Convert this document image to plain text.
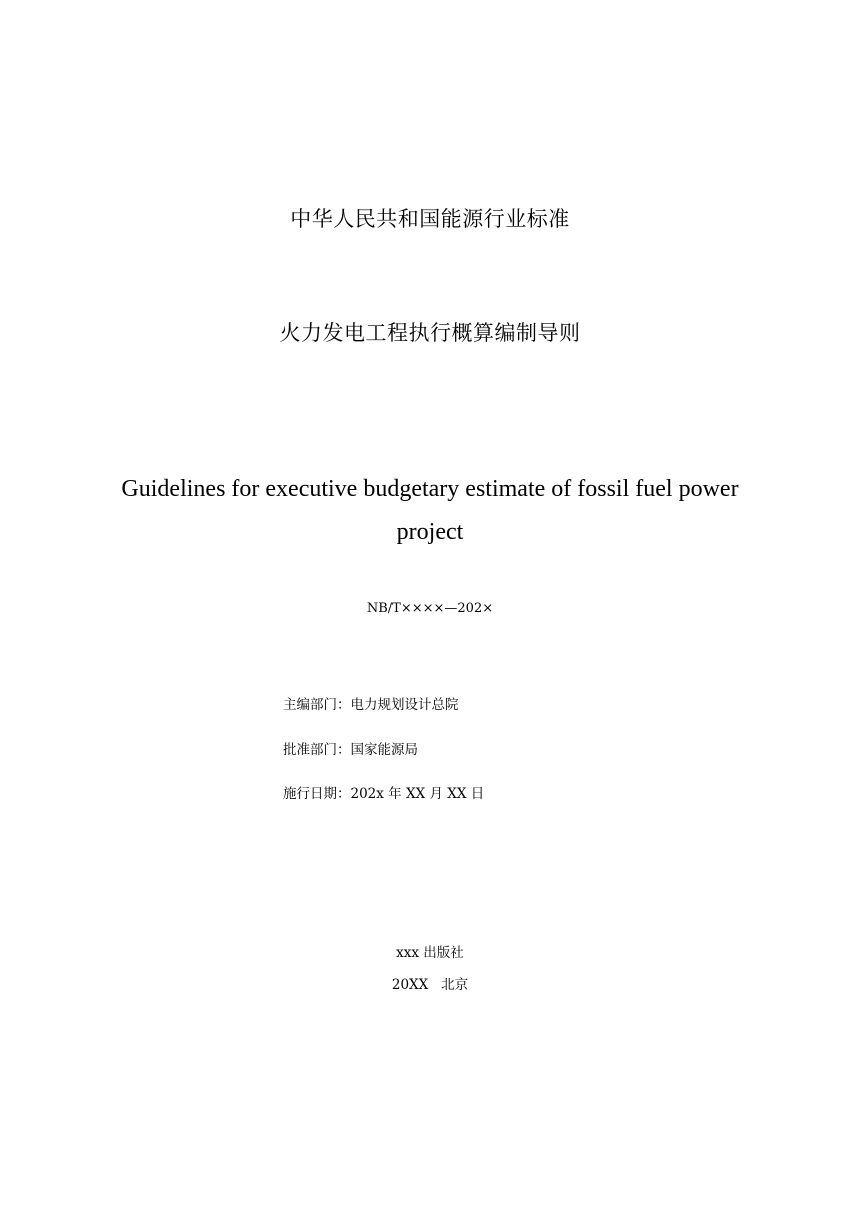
中华人民共和国能源行业标准
火力发电工程执行概算编制导则
Guidelines for executive budgetary estimate of fossil fuel power
project
NB/T××××—202×
主编部门：电力规划设计总院
批准部门：国家能源局
施行日期：202x 年 XX 月 XX 日
xxx 出版社
20XX   北京
